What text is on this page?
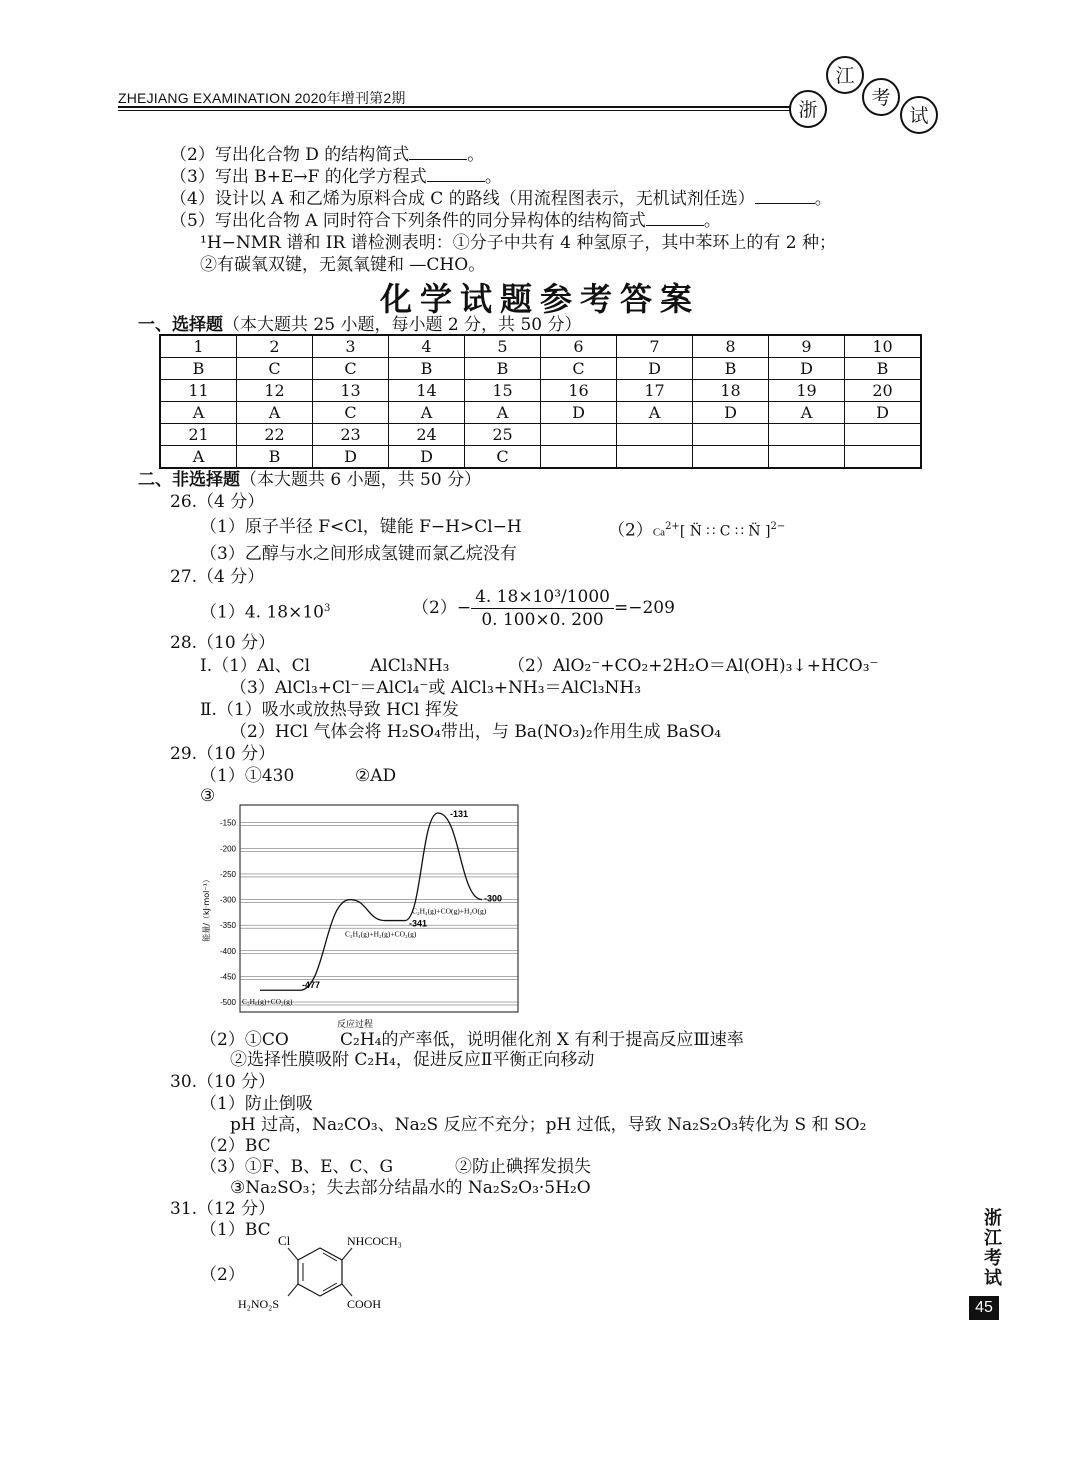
ZHEJIANG EXAMINATION 2020年增刊第2期
浙
江
考
试
（2）写出化合物 D 的结构简式	。
（3）写出 B+E→F 的化学方程式	。
（4）设计以 A 和乙烯为原料合成 C 的路线（用流程图表示，无机试剂任选）	。
（5）写出化合物 A 同时符合下列条件的同分异构体的结构简式	。
¹H−NMR 谱和 IR 谱检测表明：①分子中共有 4 种氢原子，其中苯环上的有 2 种；
②有碳氧双键，无氮氧键和 —CHO。
化学试题参考答案
一、选择题（本大题共 25 小题，每小题 2 分，共 50 分）
1	2	3	4	5	6	7	8	9	10
B	C	C	B	B	C	D	B	D	B
11	12	13	14	15	16	17	18	19	20
A	A	C	A	A	D	A	D	A	D
21	22	23	24	25					
A	B	D	D	C					
二、非选择题（本大题共 6 小题，共 50 分）
26.（4 分）
（1）原子半径 F<Cl，键能 F−H>Cl−H	$(2)Ca^{2+}$[ N̈ ∷ C ∷ N̈ ]$^{2-}$
（3）乙醇与水之间形成氢键而氯乙烷没有
27.（4 分）
（1）4. $18\times 10^3$	$(2)- \frac{\text{4. 18×10³/1000}}{0. 100\times 0. 200} =-209$
28.（10 分）
Ⅰ.（1）Al、Cl	AlCl₃NH₃	（2）AlO₂⁻+CO₂+2H₂O＝Al(OH)₃↓+HCO₃⁻
（3）AlCl₃+Cl⁻＝AlCl₄⁻或 AlCl₃+NH₃＝AlCl₃NH₃
Ⅱ.（1）吸水或放热导致 HCl 挥发
（2）HCl 气体会将 H₂SO₄带出，与 Ba(NO₃)₂作用生成 BaSO₄
29.（10 分）
（1）①430	②AD
③
-150
-200
-250
-300
-350
-400
-450
-500
能量/（kJ·mol⁻¹）
反应过程
-477
C₂H₆(g)+CO₂(g)
-341
C₂H₄(g)+H₂(g)+CO₂(g)
-131
-300
C₂H₄(g)+CO(g)+H₂O(g)
（2）①CO	C₂H₄的产率低，说明催化剂 X 有利于提高反应Ⅲ速率
②选择性膜吸附 C₂H₄，促进反应Ⅱ平衡正向移动
30.（10 分）
（1）防止倒吸
pH 过高，Na₂CO₃、Na₂S 反应不充分；pH 过低，导致 Na₂S₂O₃转化为 S 和 SO₂
（2）BC
（3）①F、B、E、C、G	②防止碘挥发损失
③Na₂SO₃；失去部分结晶水的 Na₂S₂O₃·5H₂O
31.（12 分）
（1）BC
（2）
Cl	NHCOCH₃
H₂NO₂S	COOH
浙江考试
45
